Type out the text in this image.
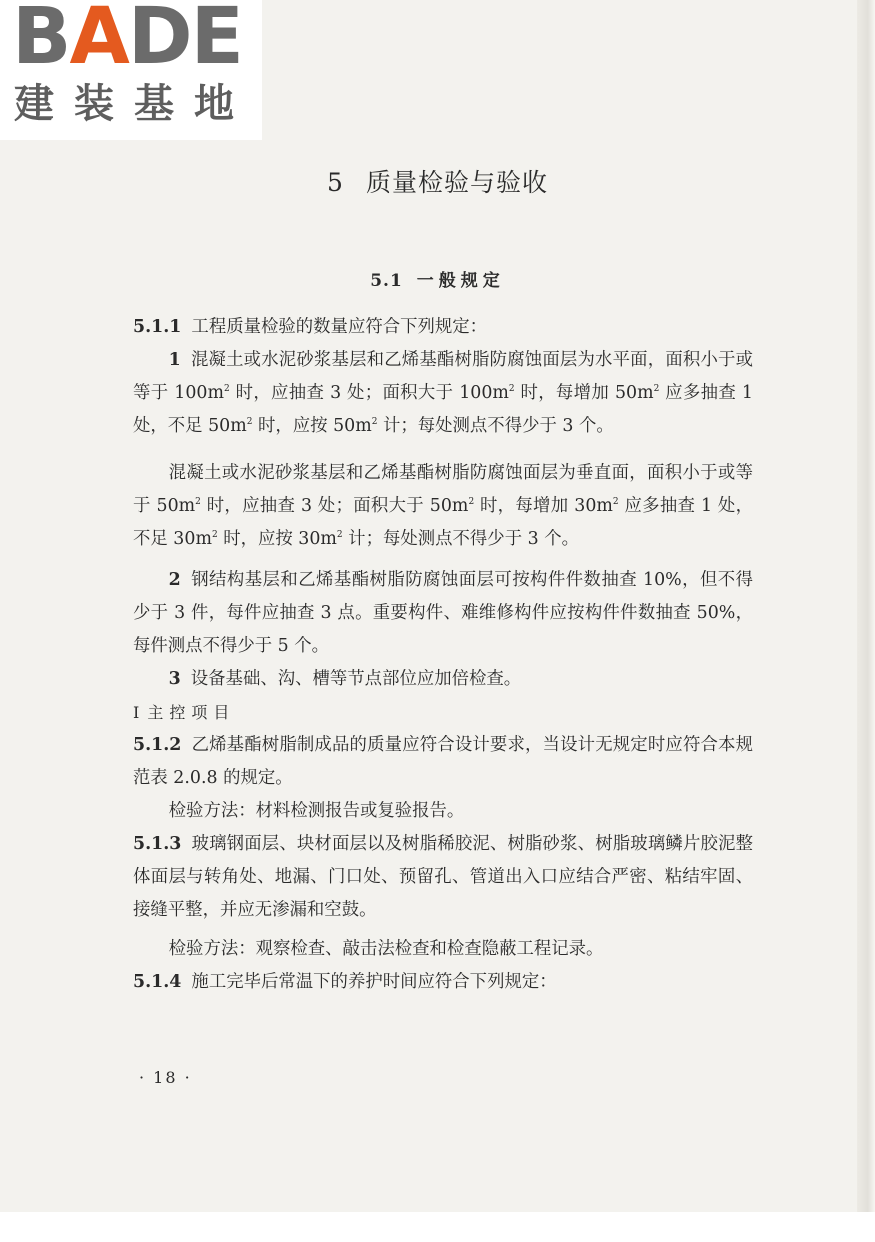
BADE
建装基地
5 质量检验与验收
5.1 一般规定

5.1.1 工程质量检验的数量应符合下列规定：

1 混凝土或水泥砂浆基层和乙烯基酯树脂防腐蚀面层为水平面，面积小于或等于 $100m^2$ 时，应抽查 3 处；面积大于 $100m^2$ 时，每增加 $50m^2$ 应多抽查 1 处，不足 $50m^2$ 时，应按 $50m^2$ 计；每处测点不得少于 3 个。

混凝土或水泥砂浆基层和乙烯基酯树脂防腐蚀面层为垂直面，面积小于或等于 $50m^2$ 时，应抽查 3 处；面积大于 $50m^2$ 时，每增加 $30m^2$ 应多抽查 1 处，不足 $30m^2$ 时，应按 $30m^2$ 计；每处测点不得少于 3 个。

2 钢结构基层和乙烯基酯树脂防腐蚀面层可按构件件数抽查 10%，但不得少于 3 件，每件应抽查 3 点。重要构件、难维修构件应按构件件数抽查 50%，每件测点不得少于 5 个。

3 设备基础、沟、槽等节点部位应加倍检查。

Ⅰ 主控项目

5.1.2 乙烯基酯树脂制成品的质量应符合设计要求，当设计无规定时应符合本规范表 2.0.8 的规定。

检验方法：材料检测报告或复验报告。

5.1.3 玻璃钢面层、块材面层以及树脂稀胶泥、树脂砂浆、树脂玻璃鳞片胶泥整体面层与转角处、地漏、门口处、预留孔、管道出入口应结合严密、粘结牢固、接缝平整，并应无渗漏和空鼓。

检验方法：观察检查、敲击法检查和检查隐蔽工程记录。

5.1.4 施工完毕后常温下的养护时间应符合下列规定：

· 18 ·
